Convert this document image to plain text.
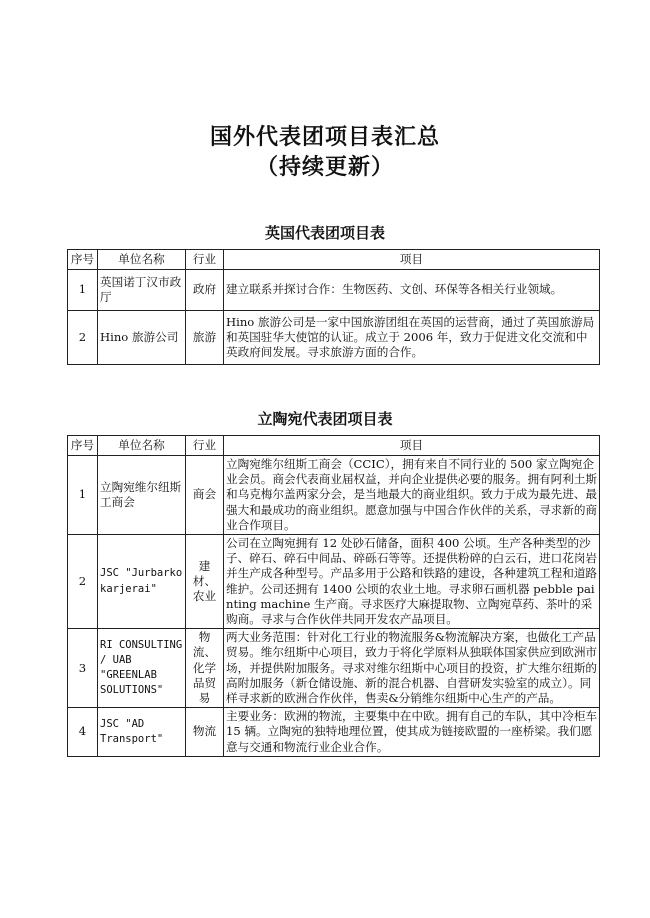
国外代表团项目表汇总
（持续更新）
英国代表团项目表
序号	单位名称	行业	项目
1	英国诺丁汉市政厅	政府	建立联系并探讨合作：生物医药、文创、环保等各相关行业领域。
2	Hino 旅游公司	旅游	Hino 旅游公司是一家中国旅游团组在英国的运营商，通过了英国旅游局和英国驻华大使馆的认证。成立于 2006 年，致力于促进文化交流和中英政府间发展。寻求旅游方面的合作。
立陶宛代表团项目表
序号	单位名称	行业	项目
1	立陶宛维尔纽斯工商会	商会	立陶宛维尔纽斯工商会（CCIC），拥有来自不同行业的 500 家立陶宛企业会员。商会代表商业届权益，并向企业提供必要的服务。拥有阿利土斯和乌克梅尔盖两家分会，是当地最大的商业组织。致力于成为最先进、最强大和最成功的商业组织。愿意加强与中国合作伙伴的关系，寻求新的商业合作项目。
2	JSC "Jurbarko karjerai"	建材、农业	公司在立陶宛拥有 12 处砂石储备，面积 400 公顷。生产各种类型的沙子、碎石、碎石中间品、碎砾石等等。还提供粉碎的白云石，进口花岗岩并生产成各种型号。产品多用于公路和铁路的建设，各种建筑工程和道路维护。公司还拥有 1400 公顷的农业土地。寻求卵石画机器 pebble painting machine 生产商。寻求医疗大麻提取物、立陶宛草药、茶叶的采购商。寻求与合作伙伴共同开发农产品项目。
3	RI CONSULTING / UAB "GREENLAB SOLUTIONS"	物流、化学品贸易	两大业务范围：针对化工行业的物流服务&物流解决方案，也做化工产品贸易。维尔纽斯中心项目，致力于将化学原料从独联体国家供应到欧洲市场，并提供附加服务。寻求对维尔纽斯中心项目的投资，扩大维尔纽斯的高附加服务（新仓储设施、新的混合机器、自营研发实验室的成立）。同样寻求新的欧洲合作伙伴，售卖&分销维尔纽斯中心生产的产品。
4	JSC "AD Transport"	物流	主要业务：欧洲的物流，主要集中在中欧。拥有自己的车队，其中冷柜车 15 辆。立陶宛的独特地理位置，使其成为链接欧盟的一座桥梁。我们愿意与交通和物流行业企业合作。
